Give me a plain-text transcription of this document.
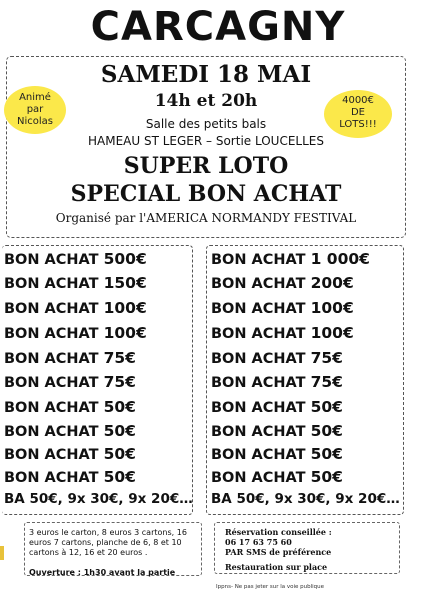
CARCAGNY
SAMEDI 18 MAI
14h et 20h
Salle des petits bals
HAMEAU ST LEGER – Sortie LOUCELLES
SUPER LOTO
SPECIAL BON ACHAT
Organisé par l'AMERICA NORMANDY FESTIVAL
Animé
par
Nicolas
4000€
DE
LOTS!!!
BON ACHAT 500€
BON ACHAT 150€
BON ACHAT 100€
BON ACHAT 100€
BON ACHAT 75€
BON ACHAT 75€
BON ACHAT 50€
BON ACHAT 50€
BON ACHAT 50€
BON ACHAT 50€
BA 50€, 9x 30€, 9x 20€…
BON ACHAT 1 000€
BON ACHAT 200€
BON ACHAT 100€
BON ACHAT 100€
BON ACHAT 75€
BON ACHAT 75€
BON ACHAT 50€
BON ACHAT 50€
BON ACHAT 50€
BON ACHAT 50€
BA 50€, 9x 30€, 9x 20€…
3 euros le carton, 8 euros 3 cartons, 16 euros 7 cartons, planche de 6, 8 et 10 cartons à 12, 16 et 20 euros .
Ouverture : 1h30 avant la partie
Réservation conseillée :
06 17 63 75 60
PAR SMS de préférence
Restauration sur place
Ippns- Ne pas jeter sur la voie publique
